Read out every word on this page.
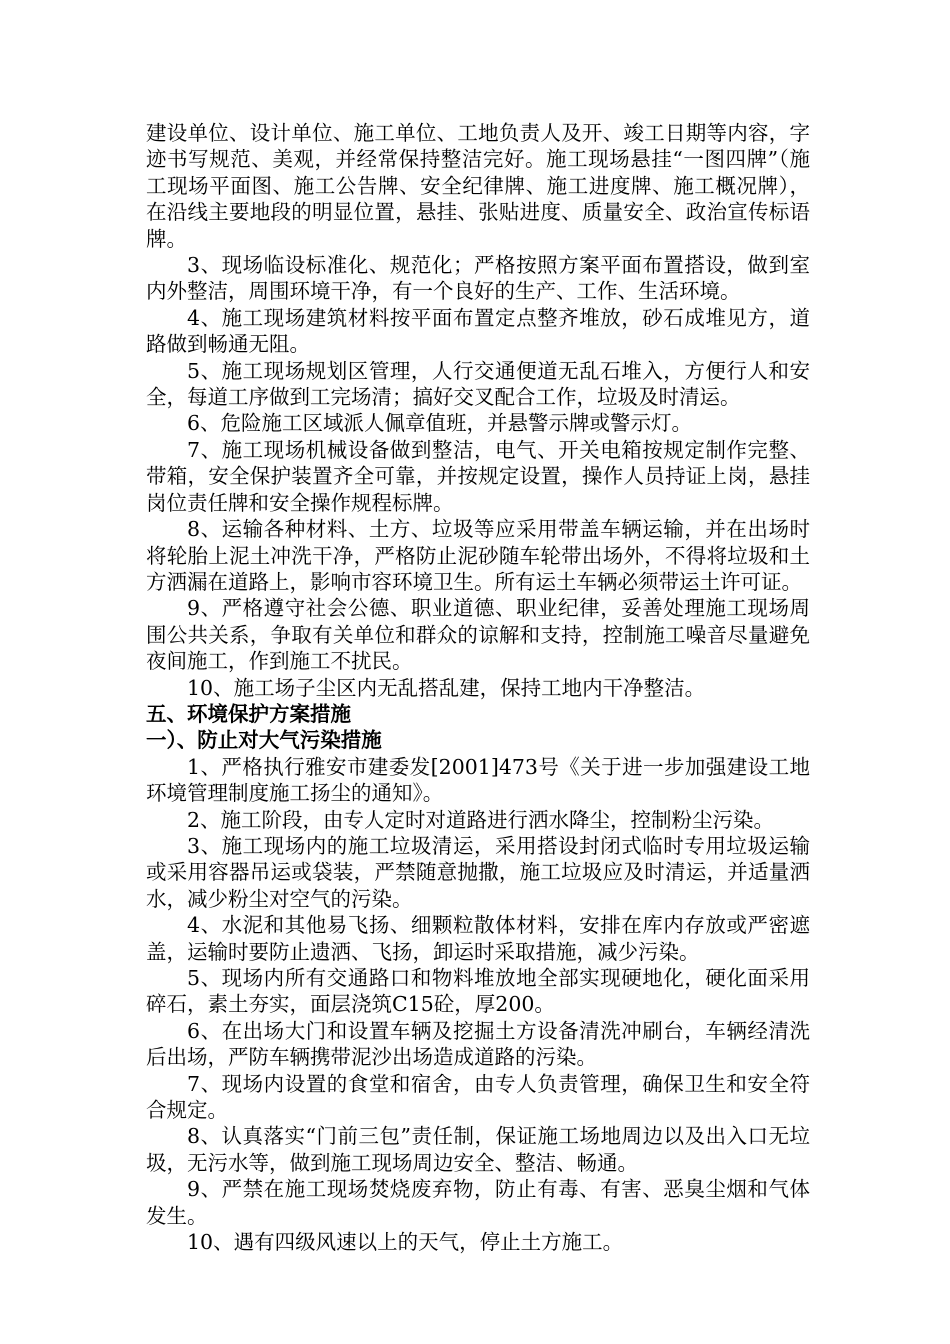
建设单位、设计单位、施工单位、工地负责人及开、竣工日期等内容，字迹书写规范、美观，并经常保持整洁完好。施工现场悬挂“一图四牌”（施工现场平面图、施工公告牌、安全纪律牌、施工进度牌、施工概况牌），在沿线主要地段的明显位置，悬挂、张贴进度、质量安全、政治宣传标语牌。

3、现场临设标准化、规范化；严格按照方案平面布置搭设，做到室内外整洁，周围环境干净，有一个良好的生产、工作、生活环境。

4、施工现场建筑材料按平面布置定点整齐堆放，砂石成堆见方，道路做到畅通无阻。

5、施工现场规划区管理，人行交通便道无乱石堆入，方便行人和安全，每道工序做到工完场清；搞好交叉配合工作，垃圾及时清运。

6、危险施工区域派人佩章值班，并悬警示牌或警示灯。

7、施工现场机械设备做到整洁，电气、开关电箱按规定制作完整、带箱，安全保护装置齐全可靠，并按规定设置，操作人员持证上岗，悬挂岗位责任牌和安全操作规程标牌。

8、运输各种材料、土方、垃圾等应采用带盖车辆运输，并在出场时将轮胎上泥土冲洗干净，严格防止泥砂随车轮带出场外，不得将垃圾和土方洒漏在道路上，影响市容环境卫生。所有运土车辆必须带运土许可证。

9、严格遵守社会公德、职业道德、职业纪律，妥善处理施工现场周围公共关系，争取有关单位和群众的谅解和支持，控制施工噪音尽量避免夜间施工，作到施工不扰民。

10、施工场子尘区内无乱搭乱建，保持工地内干净整洁。

五、环境保护方案措施

一）、防止对大气污染措施

1、严格执行雅安市建委发[2001]473号《关于进一步加强建设工地环境管理制度施工扬尘的通知》。

2、施工阶段，由专人定时对道路进行洒水降尘，控制粉尘污染。

3、施工现场内的施工垃圾清运，采用搭设封闭式临时专用垃圾运输或采用容器吊运或袋装，严禁随意抛撒，施工垃圾应及时清运，并适量洒水，减少粉尘对空气的污染。

4、水泥和其他易飞扬、细颗粒散体材料，安排在库内存放或严密遮盖，运输时要防止遗洒、飞扬，卸运时采取措施，减少污染。

5、现场内所有交通路口和物料堆放地全部实现硬地化，硬化面采用碎石，素土夯实，面层浇筑C15砼，厚200。

6、在出场大门和设置车辆及挖掘土方设备清洗冲刷台，车辆经清洗后出场，严防车辆携带泥沙出场造成道路的污染。

7、现场内设置的食堂和宿舍，由专人负责管理，确保卫生和安全符合规定。

8、认真落实“门前三包”责任制，保证施工场地周边以及出入口无垃圾，无污水等，做到施工现场周边安全、整洁、畅通。

9、严禁在施工现场焚烧废弃物，防止有毒、有害、恶臭尘烟和气体发生。

10、遇有四级风速以上的天气，停止土方施工。
